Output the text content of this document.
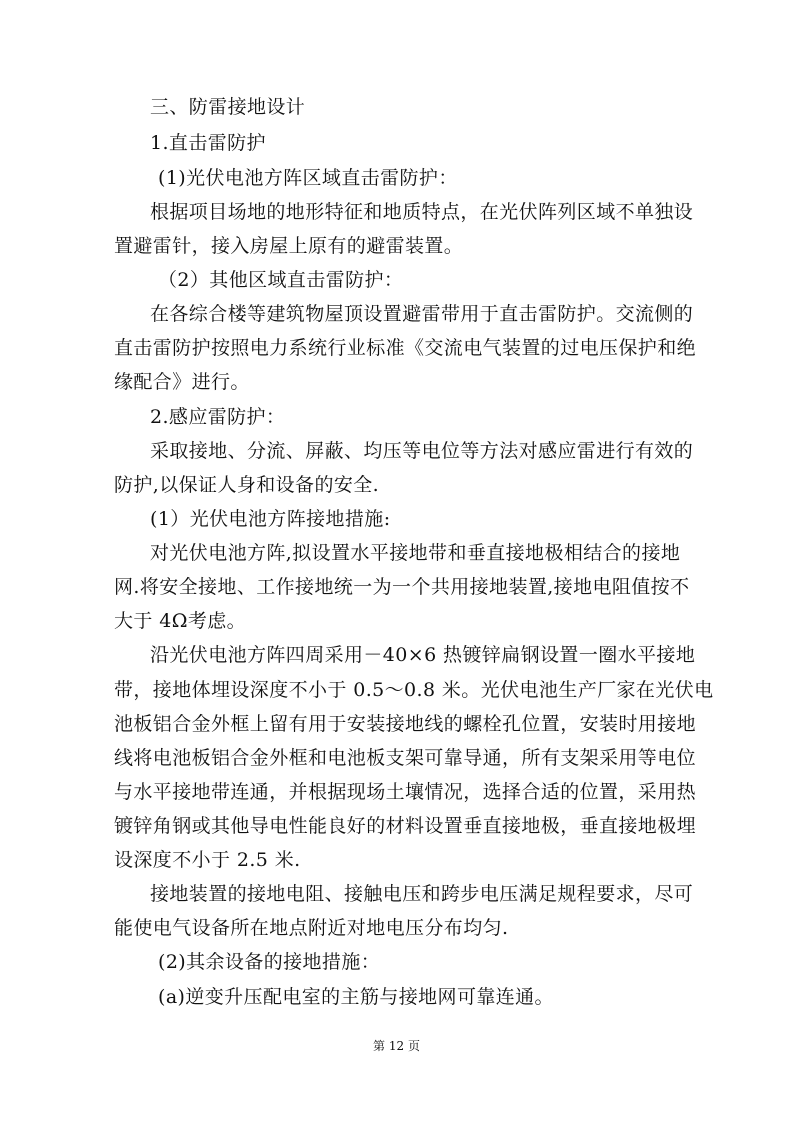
三、防雷接地设计
1.直击雷防护
(1)光伏电池方阵区域直击雷防护：
根据项目场地的地形特征和地质特点，在光伏阵列区域不单独设
置避雷针，接入房屋上原有的避雷装置。
（2）其他区域直击雷防护：
在各综合楼等建筑物屋顶设置避雷带用于直击雷防护。交流侧的
直击雷防护按照电力系统行业标准《交流电气装置的过电压保护和绝
缘配合》进行。
2.感应雷防护：
采取接地、分流、屏蔽、均压等电位等方法对感应雷进行有效的
防护,以保证人身和设备的安全.
(1）光伏电池方阵接地措施:
对光伏电池方阵,拟设置水平接地带和垂直接地极相结合的接地
网.将安全接地、工作接地统一为一个共用接地装置,接地电阻值按不
大于 4Ω考虑。
沿光伏电池方阵四周采用－40×6 热镀锌扁钢设置一圈水平接地
带，接地体埋设深度不小于 0.5～0.8 米。光伏电池生产厂家在光伏电
池板铝合金外框上留有用于安装接地线的螺栓孔位置，安装时用接地
线将电池板铝合金外框和电池板支架可靠导通，所有支架采用等电位
与水平接地带连通，并根据现场土壤情况，选择合适的位置，采用热
镀锌角钢或其他导电性能良好的材料设置垂直接地极，垂直接地极埋
设深度不小于 2.5 米.
接地装置的接地电阻、接触电压和跨步电压满足规程要求，尽可
能使电气设备所在地点附近对地电压分布均匀.
(2)其余设备的接地措施：
(a)逆变升压配电室的主筋与接地网可靠连通。
第 12 页
